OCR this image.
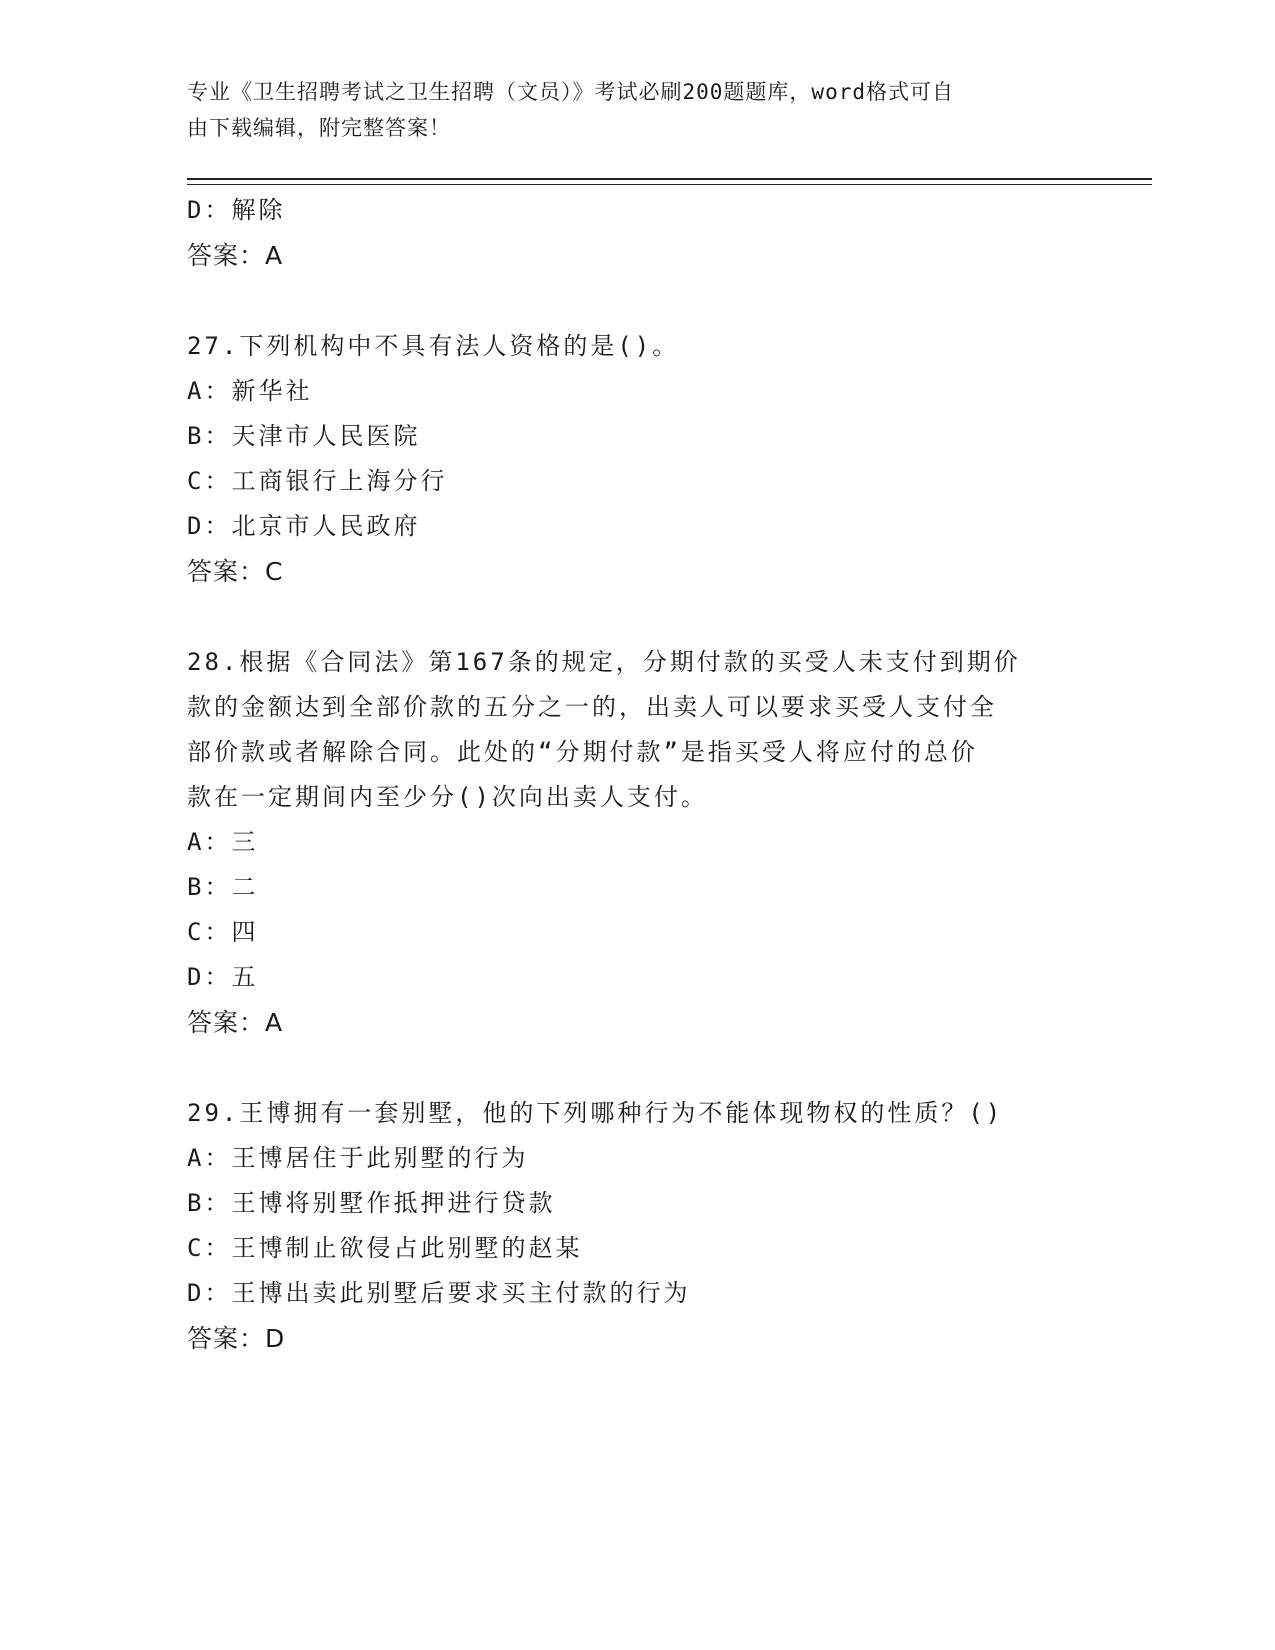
专业《卫生招聘考试之卫生招聘（文员）》考试必刷200题题库，word格式可自
由下载编辑，附完整答案！
D：解除
答案：A
27.下列机构中不具有法人资格的是()。
A：新华社
B：天津市人民医院
C：工商银行上海分行
D：北京市人民政府
答案：C
28.根据《合同法》第167条的规定，分期付款的买受人未支付到期价
款的金额达到全部价款的五分之一的，出卖人可以要求买受人支付全
部价款或者解除合同。此处的“分期付款”是指买受人将应付的总价
款在一定期间内至少分()次向出卖人支付。
A：三
B：二
C：四
D：五
答案：A
29.王博拥有一套别墅，他的下列哪种行为不能体现物权的性质？()
A：王博居住于此别墅的行为
B：王博将别墅作抵押进行贷款
C：王博制止欲侵占此别墅的赵某
D：王博出卖此别墅后要求买主付款的行为
答案：D
